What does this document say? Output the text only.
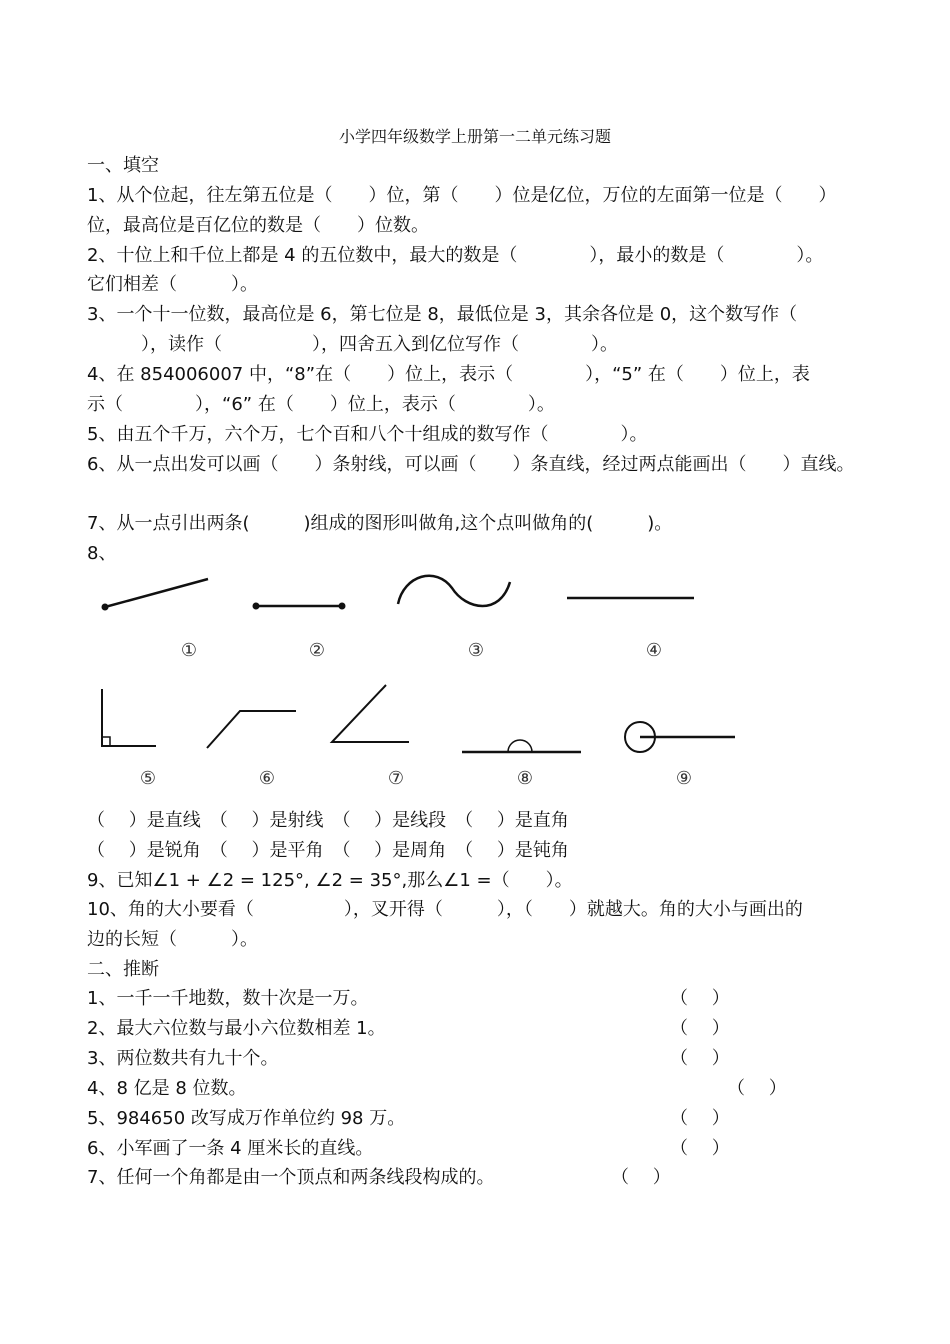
小学四年级数学上册第一二单元练习题
一、填空
1、从个位起，往左第五位是（　　）位，第（　　）位是亿位，万位的左面第一位是（　　）
位，最高位是百亿位的数是（　　）位数。
2、十位上和千位上都是 4 的五位数中，最大的数是（　　　　），最小的数是（　　　　）。
它们相差（　　　）。
3、一个十一位数，最高位是 6，第七位是 8，最低位是 3，其余各位是 0，这个数写作（
　　　），读作（　　　　　），四舍五入到亿位写作（　　　　）。
4、在 854006007 中，“8”在（　　）位上，表示（　　　　），“5” 在（　　）位上，表
示（　　　　），“6” 在（　　）位上，表示（　　　　）。
5、由五个千万，六个万，七个百和八个十组成的数写作（　　　　）。
6、从一点出发可以画（　　）条射线，可以画（　　）条直线，经过两点能画出（　　）直线。
7、从一点引出两条(　　　)组成的图形叫做角,这个点叫做角的(　　　)。
8、
①	②	③	④
⑤	⑥	⑦	⑧	⑨
（　 ）是直线　（　 ）是射线　（　 ）是线段　（　 ）是直角
（　 ）是锐角　（　 ）是平角　（　 ）是周角　（　 ）是钝角
9、已知∠1 + ∠2 = 125°, ∠2 = 35°,那么∠1 =（　　）。
10、角的大小要看（　　　　　），叉开得（　　　），（　　）就越大。角的大小与画出的
边的长短（　　　）。
二、推断
1、一千一千地数，数十次是一万。	（　 ）
2、最大六位数与最小六位数相差 1。	（　 ）
3、两位数共有九十个。	（　 ）
4、8 亿是 8 位数。	（　 ）
5、984650 改写成万作单位约 98 万。	（　 ）
6、小军画了一条 4 厘米长的直线。	（　 ）
7、任何一个角都是由一个顶点和两条线段构成的。	（　 ）
